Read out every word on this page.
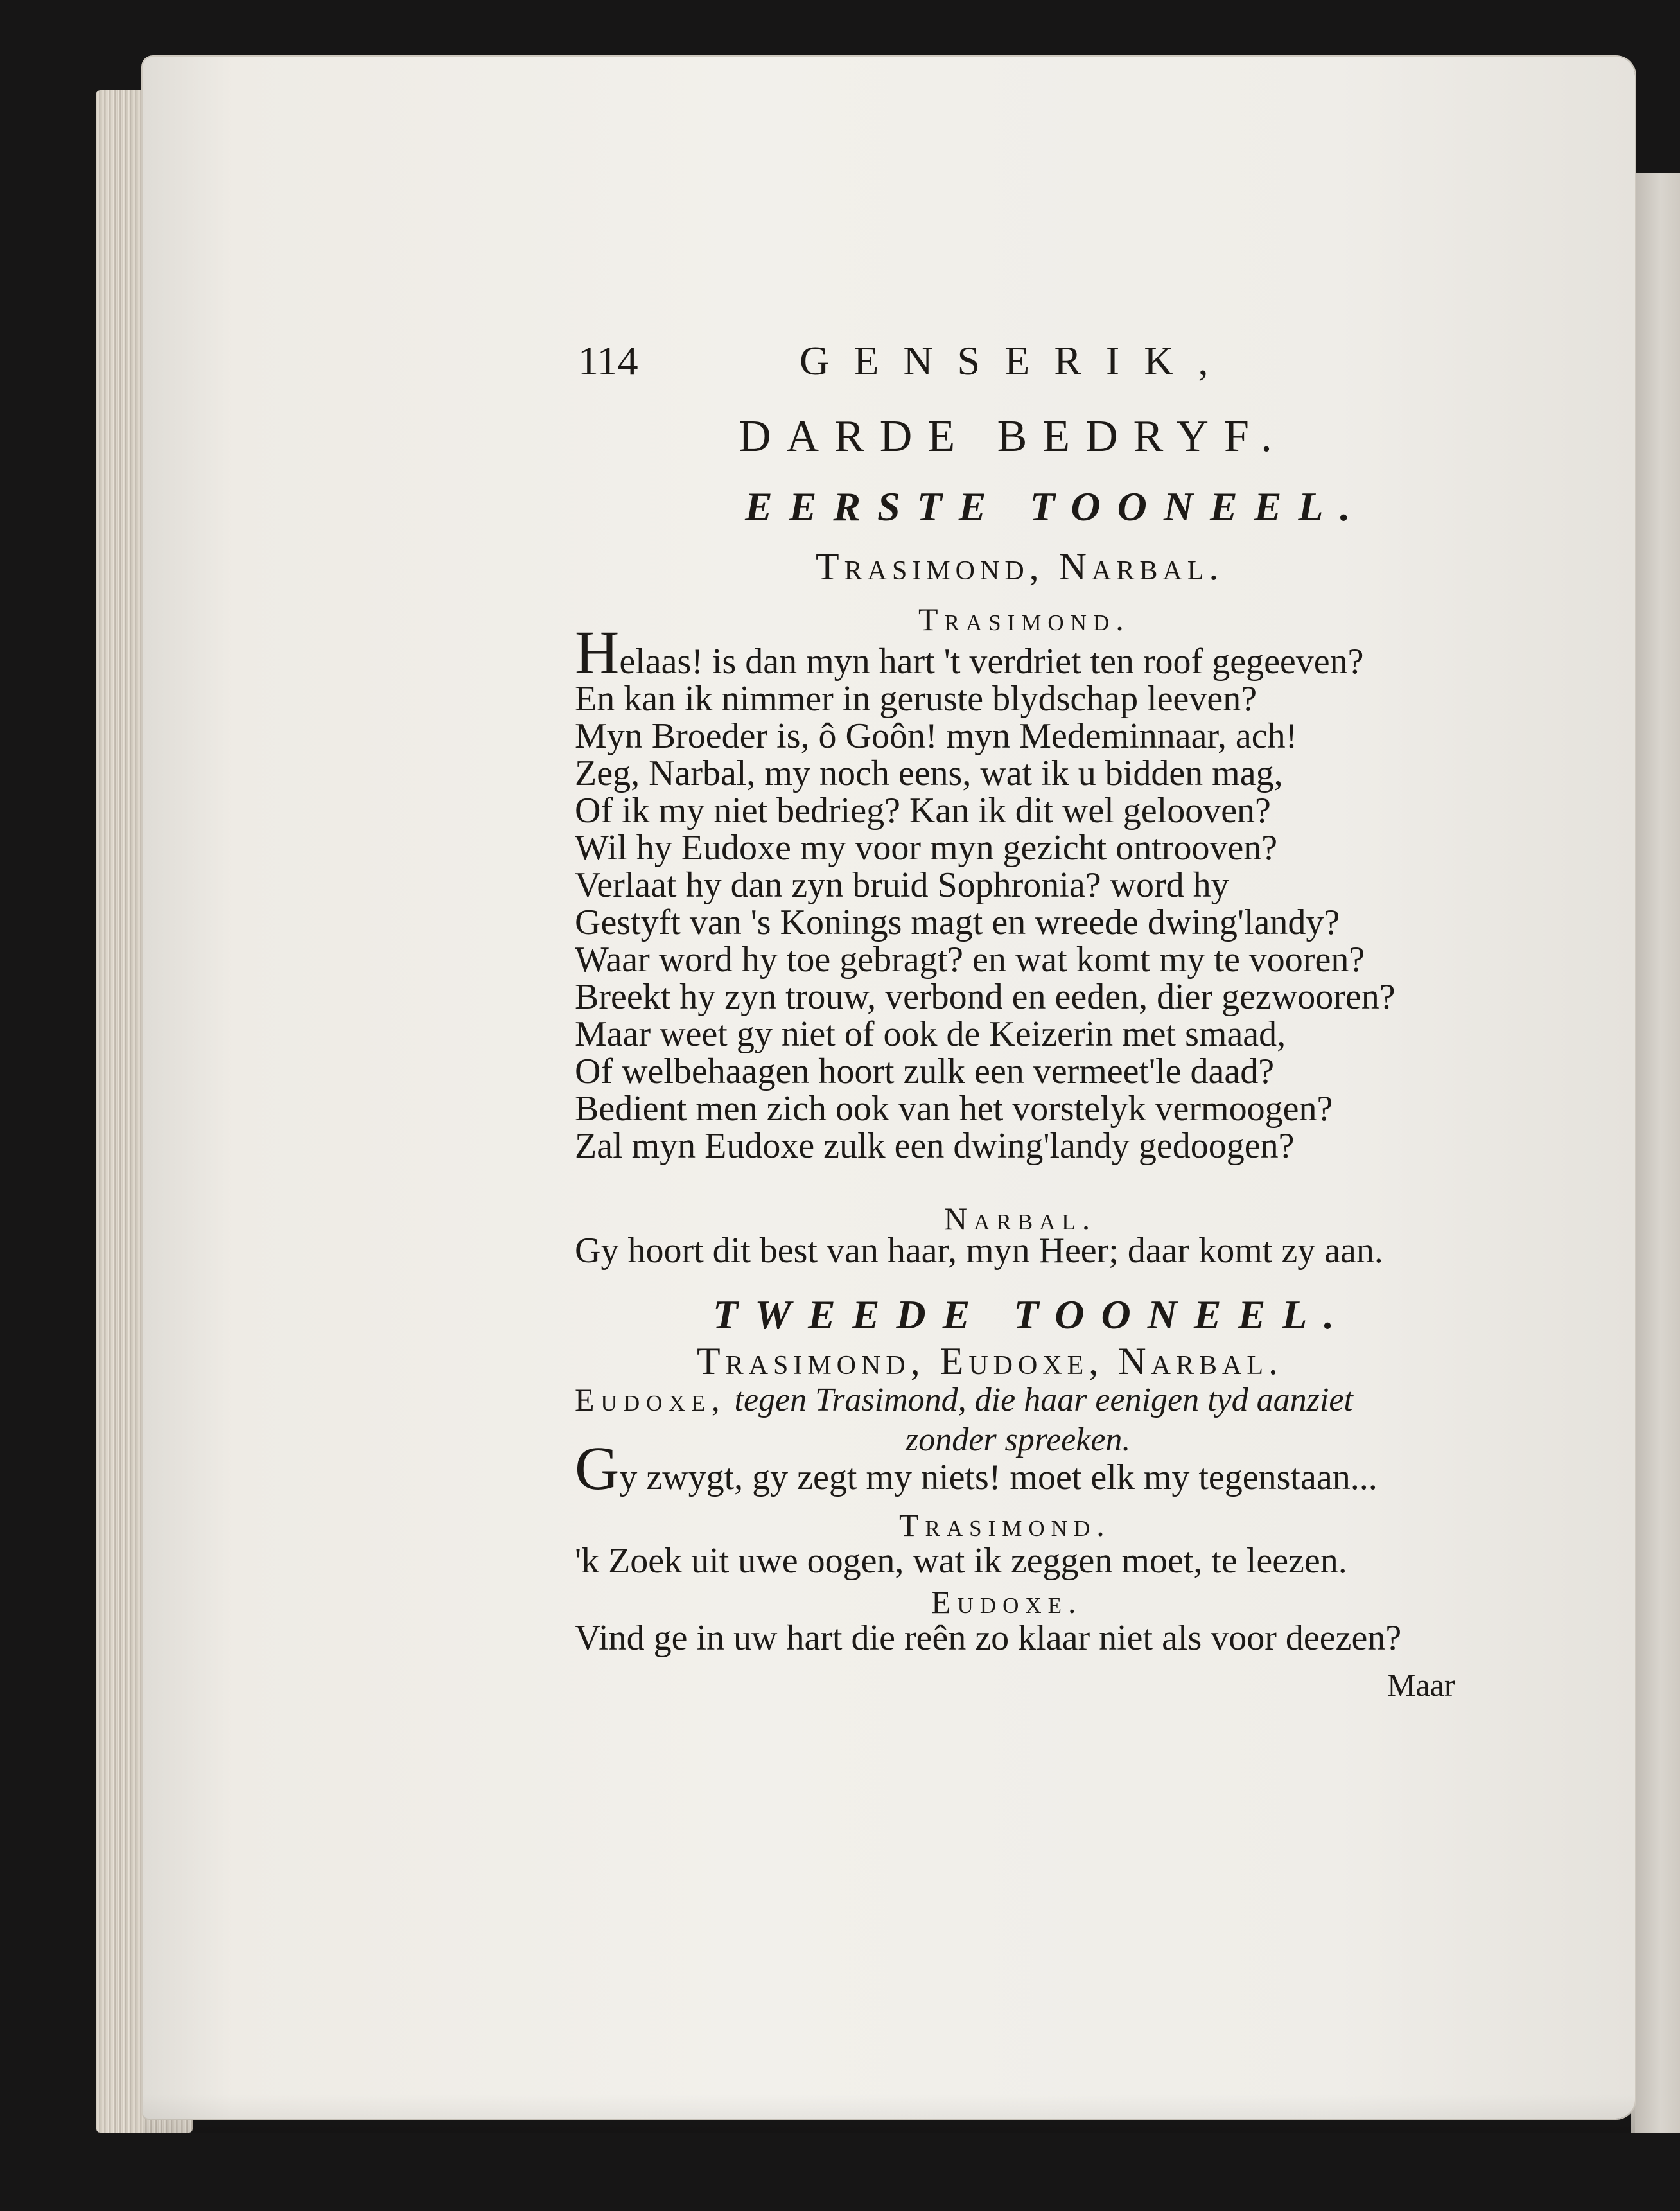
114	GENSERIK,
DARDE BEDRYF.
EERSTE TOONEEL.
Trasimond, Narbal.
Trasimond.
Helaas! is dan myn hart 't verdriet ten roof gegeeven?
En kan ik nimmer in geruste blydschap leeven?
Myn Broeder is, ô Goôn! myn Medeminnaar, ach!
Zeg, Narbal, my noch eens, wat ik u bidden mag,
Of ik my niet bedrieg? Kan ik dit wel gelooven?
Wil hy Eudoxe my voor myn gezicht ontrooven?
Verlaat hy dan zyn bruid Sophronia? word hy
Gestyft van 's Konings magt en wreede dwing'landy?
Waar word hy toe gebragt? en wat komt my te vooren?
Breekt hy zyn trouw, verbond en eeden, dier gezwooren?
Maar weet gy niet of ook de Keizerin met smaad,
Of welbehaagen hoort zulk een vermeet'le daad?
Bedient men zich ook van het vorstelyk vermoogen?
Zal myn Eudoxe zulk een dwing'landy gedoogen?
Narbal.
Gy hoort dit best van haar, myn Heer; daar komt zy aan.
TWEEDE TOONEEL.
Trasimond, Eudoxe, Narbal.
Eudoxe, tegen Trasimond, die haar eenigen tyd aanziet
zonder spreeken.
Gy zwygt, gy zegt my niets! moet elk my tegenstaan...
Trasimond.
'k Zoek uit uwe oogen, wat ik zeggen moet, te leezen.
Eudoxe.
Vind ge in uw hart die reên zo klaar niet als voor deezen?
Maar
